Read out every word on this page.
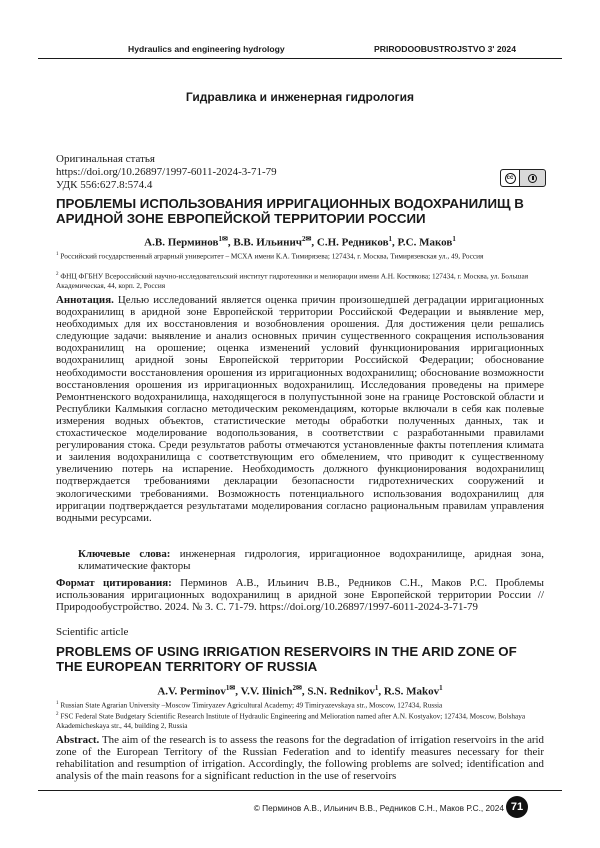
Hydraulics and engineering hydrology	PRIRODOOBUSTROJSTVO 3' 2024
Гидравлика и инженерная гидрология
Оригинальная статья
https://doi.org/10.26897/1997-6011-2024-3-71-79
УДК 556:627.8:574.4
cc
ПРОБЛЕМЫ ИСПОЛЬЗОВАНИЯ ИРРИГАЦИОННЫХ ВОДОХРАНИЛИЩ В АРИДНОЙ ЗОНЕ ЕВРОПЕЙСКОЙ ТЕРРИТОРИИ РОССИИ
А.В. Перминов$^{1✉}$, В.В. Ильинич$^{2✉}$, С.Н. Редников$^1$, Р.С. Маков$^1$
$^1$ Российский государственный аграрный университет – МСХА имени К.А. Тимирязева; 127434, г. Москва, Тимирязевская ул., 49, Россия
$^2$ ФНЦ ФГБНУ Всероссийский научно-исследовательский институт гидротехники и мелиорации имени А.Н. Костякова; 127434, г. Москва, ул. Большая Академическая, 44, корп. 2, Россия

Аннотация. Целью исследований является оценка причин произошедшей деградации ирригационных водохранилищ в аридной зоне Европейской территории Российской Федерации и выявление мер, необходимых для их восстановления и возобновления орошения. Для достижения цели решались следующие задачи: выявление и анализ основных причин существенного сокращения использования водохранилищ на орошение; оценка изменений условий функционирования ирригационных водохранилищ аридной зоны Европейской территории Российской Федерации; обоснование необходимости восстановления орошения из ирригационных водохранилищ; обоснование возможности восстановления орошения из ирригационных водохранилищ. Исследования проведены на примере Ремонтненского водохранилища, находящегося в полупустынной зоне на границе Ростовской области и Республики Калмыкия согласно методическим рекомендациям, которые включали в себя как полевые измерения водных объектов, статистические методы обработки полученных данных, так и стохастическое моделирование водопользования, в соответствии с разработанными правилами регулирования стока. Среди результатов работы отмечаются установленные факты потепления климата и заиления водохранилища с соответствующим его обмелением, что приводит к существенному увеличению потерь на испарение. Необходимость должного функционирования водохранилищ подтверждается требованиями декларации безопасности гидротехнических сооружений и экологическими требованиями. Возможность потенциального использования водохранилищ для ирригации подтверждается результатами моделирования согласно рациональным правилам управления водными ресурсами.

Ключевые слова: инженерная гидрология, ирригационное водохранилище, аридная зона, климатические факторы

Формат цитирования: Перминов А.В., Ильинич В.В., Редников С.Н., Маков Р.С. Проблемы использования ирригационных водохранилищ в аридной зоне Европейской территории России // Природообустройство. 2024. № 3. С. 71-79. https://doi.org/10.26897/1997-6011-2024-3-71-79

Scientific article
PROBLEMS OF USING IRRIGATION RESERVOIRS IN THE ARID ZONE OF THE EUROPEAN TERRITORY OF RUSSIA
A.V. Perminov$^{1✉}$, V.V. Ilinich$^{2✉}$, S.N. Rednikov$^1$, R.S. Makov$^1$
$^1$ Russian State Agrarian University –Moscow Timiryazev Agricultural Academy; 49 Timiryazevskaya str., Moscow, 127434, Russia
$^2$ FSC Federal State Budgetary Scientific Research Institute of Hydraulic Engineering and Melioration named after A.N. Kostyakov; 127434, Moscow, Bolshaya Akademicheskaya str., 44, building 2, Russia

Abstract. The aim of the research is to assess the reasons for the degradation of irrigation reservoirs in the arid zone of the European Territory of the Russian Federation and to identify measures necessary for their rehabilitation and resumption of irrigation. Accordingly, the following problems are solved; identification and analysis of the main reasons for a significant reduction in the use of reservoirs

© Перминов А.В., Ильинич В.В., Редников С.Н., Маков Р.С., 2024 71
